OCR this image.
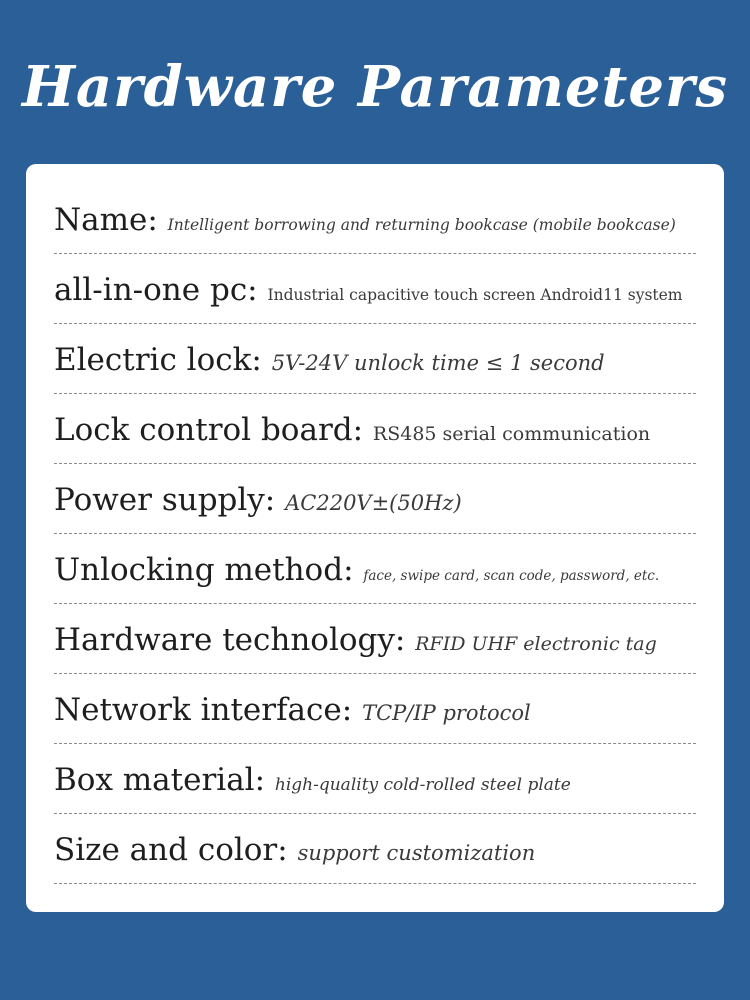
Hardware Parameters
Name: Intelligent borrowing and returning bookcase (mobile bookcase)
all-in-one pc: Industrial capacitive touch screen Android11 system
Electric lock: 5V-24V unlock time ≤ 1 second
Lock control board: RS485 serial communication
Power supply: AC220V±(50Hz)
Unlocking method: face, swipe card, scan code, password, etc.
Hardware technology: RFID UHF electronic tag
Network interface: TCP/IP protocol
Box material: high-quality cold-rolled steel plate
Size and color: support customization
